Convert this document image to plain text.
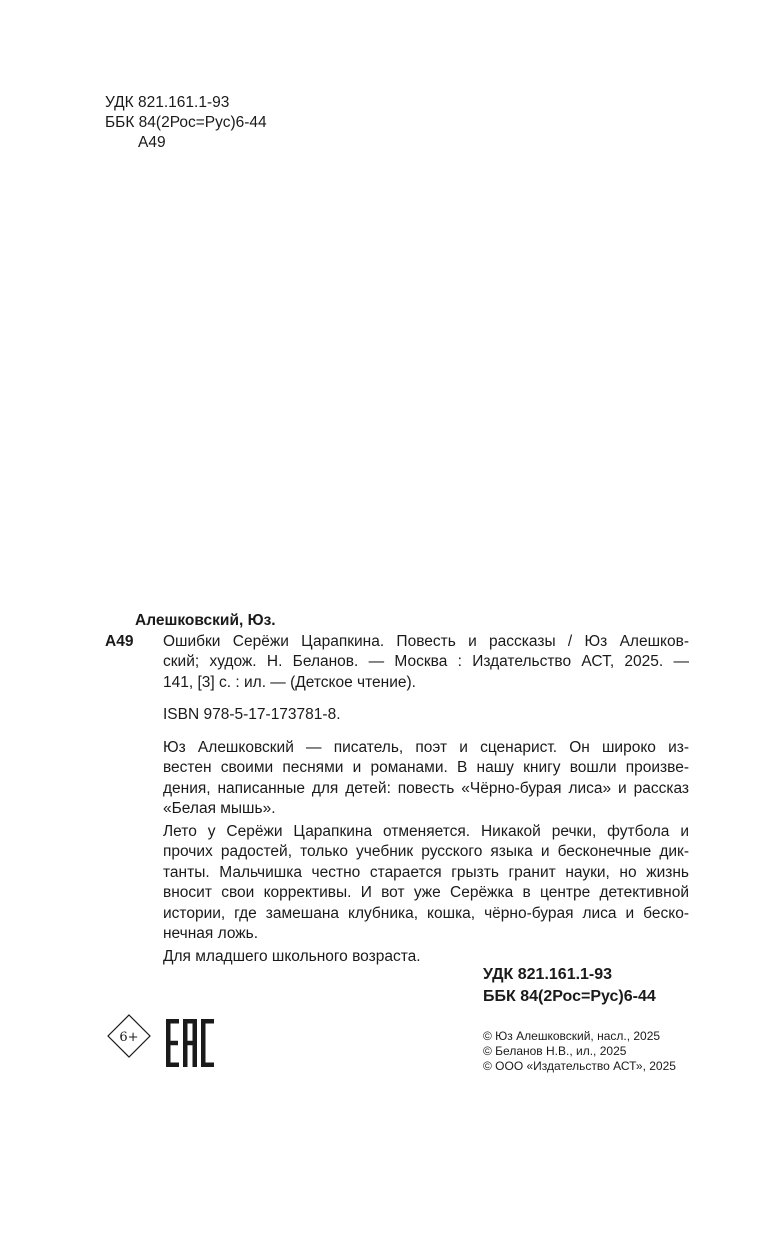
УДК 821.161.1-93
ББК 84(2Рос=Рус)6-44
А49
Алешковский, Юз.
А49	Ошибки Серёжи Царапкина. Повесть и рассказы / Юз Алешков-
ский; худож. Н. Беланов. — Москва : Издательство АСТ, 2025. —
141, [3] с. : ил. — (Детское чтение).
ISBN 978-5-17-173781-8.
Юз Алешковский — писатель, поэт и сценарист. Он широко из-
вестен своими песнями и романами. В нашу книгу вошли произве-
дения, написанные для детей: повесть «Чёрно-бурая лиса» и рассказ
«Белая мышь».
Лето у Серёжи Царапкина отменяется. Никакой речки, футбола и
прочих радостей, только учебник русского языка и бесконечные дик-
танты. Мальчишка честно старается грызть гранит науки, но жизнь
вносит свои коррективы. И вот уже Серёжка в центре детективной
истории, где замешана клубника, кошка, чёрно-бурая лиса и беско-
нечная ложь.
Для младшего школьного возраста.
УДК 821.161.1-93
ББК 84(2Рос=Рус)6-44
6+	© Юз Алешковский, насл., 2025
© Беланов Н.В., ил., 2025
© ООО «Издательство АСТ», 2025
